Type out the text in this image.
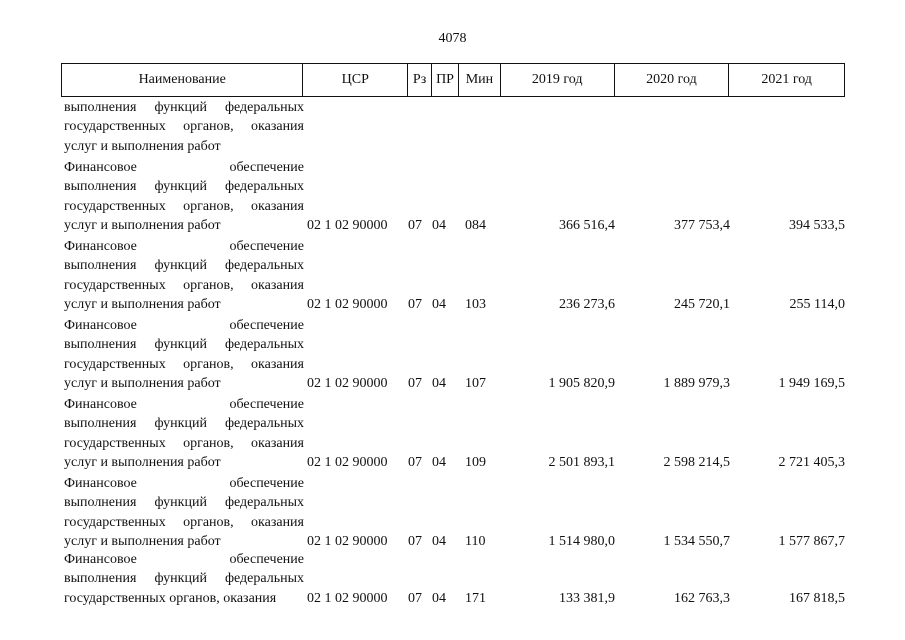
4078
Наименование	ЦСР	Рз ПР Мин	2019 год	2020 год	2021 год
выполнения функций федеральных
государственных органов, оказания
услуг и выполнения работ
Финансовое обеспечение
выполнения функций федеральных
государственных органов, оказания
услуг и выполнения работ	02 1 02 90000	07 04	084	366 516,4	377 753,4	394 533,5
Финансовое обеспечение
выполнения функций федеральных
государственных органов, оказания
услуг и выполнения работ	02 1 02 90000	07 04	103	236 273,6	245 720,1	255 114,0
Финансовое обеспечение
выполнения функций федеральных
государственных органов, оказания
услуг и выполнения работ	02 1 02 90000	07 04	107	1 905 820,9	1 889 979,3	1 949 169,5
Финансовое обеспечение
выполнения функций федеральных
государственных органов, оказания
услуг и выполнения работ	02 1 02 90000	07 04	109	2 501 893,1	2 598 214,5	2 721 405,3
Финансовое обеспечение
выполнения функций федеральных
государственных органов, оказания
услуг и выполнения работ	02 1 02 90000	07 04	110	1 514 980,0	1 534 550,7	1 577 867,7
Финансовое обеспечение
выполнения функций федеральных
государственных органов, оказания	02 1 02 90000	07 04	171	133 381,9	162 763,3	167 818,5
